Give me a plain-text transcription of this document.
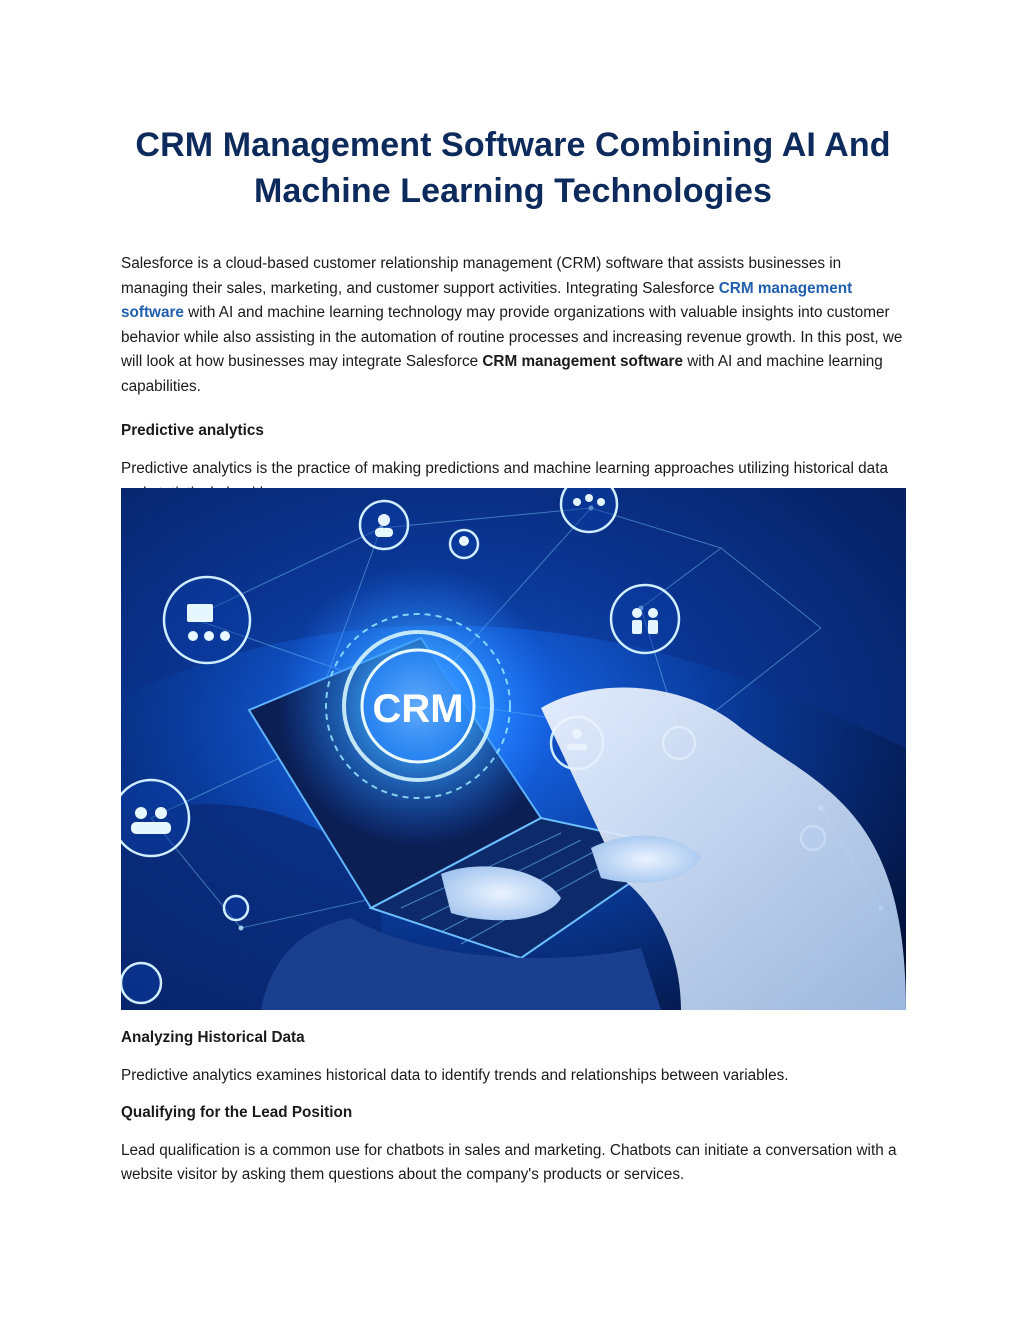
CRM Management Software Combining AI And
Machine Learning Technologies

Salesforce is a cloud-based customer relationship management (CRM) software that assists businesses in managing their sales, marketing, and customer support activities. Integrating Salesforce CRM management software with AI and machine learning technology may provide organizations with valuable insights into customer behavior while also assisting in the automation of routine processes and increasing revenue growth. In this post, we will look at how businesses may integrate Salesforce CRM management software with AI and machine learning capabilities.

Predictive analytics

Predictive analytics is the practice of making predictions and machine learning approaches utilizing historical data

CRM

Analyzing Historical Data

Predictive analytics examines historical data to identify trends and relationships between variables.

Qualifying for the Lead Position

Lead qualification is a common use for chatbots in sales and marketing. Chatbots can initiate a conversation with a website visitor by asking them questions about the company's products or services.
